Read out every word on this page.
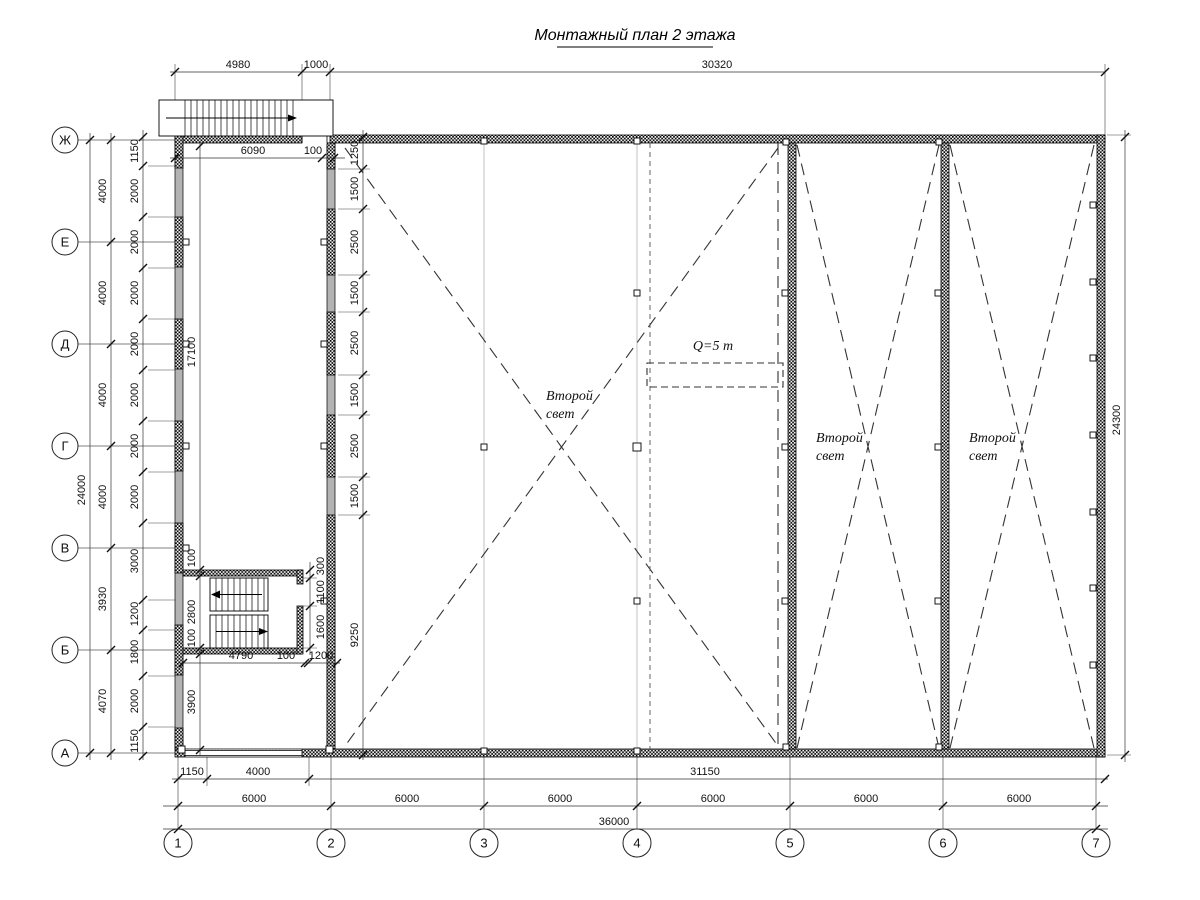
Монтажный план 2 этажа
Q=5 т
Второй
свет
Второй
свет
Второй
свет
Ж
Е
Д
Г
В
Б
А
1	2	3	4	5	6	7
4980	1000	30320
6090	100
4790 100 1200
1150	4000	31150
6000	6000	6000	6000	6000	6000
36000
24000
4000
4000
4000
4000
3930
4070
1150
2000
2000
2000
2000
2000
2000
2000
3000
1200
1800
2000
1150
17100
100
2800
100
3900
300
1100
1600
1250
1500
2500
1500
2500
1500
2500
1500
9250
24300
